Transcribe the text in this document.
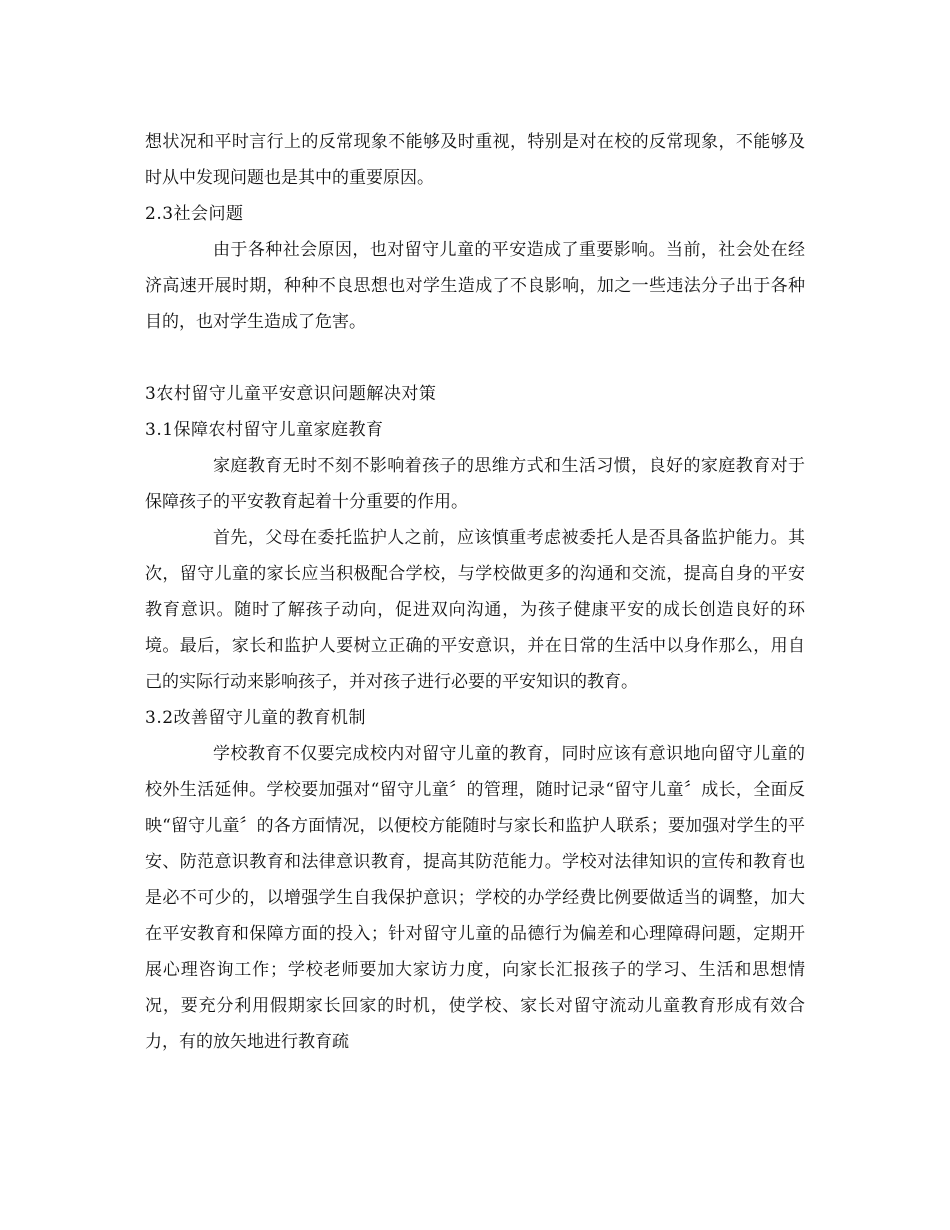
想状况和平时言行上的反常现象不能够及时重视，特别是对在校的反常现象，不能够及时从中发现问题也是其中的重要原因。

2.3社会问题

由于各种社会原因，也对留守儿童的平安造成了重要影响。当前，社会处在经济高速开展时期，种种不良思想也对学生造成了不良影响，加之一些违法分子出于各种目的，也对学生造成了危害。

3农村留守儿童平安意识问题解决对策

3.1保障农村留守儿童家庭教育

家庭教育无时不刻不影响着孩子的思维方式和生活习惯，良好的家庭教育对于保障孩子的平安教育起着十分重要的作用。

首先，父母在委托监护人之前，应该慎重考虑被委托人是否具备监护能力。其次，留守儿童的家长应当积极配合学校，与学校做更多的沟通和交流，提高自身的平安教育意识。随时了解孩子动向，促进双向沟通，为孩子健康平安的成长创造良好的环境。最后，家长和监护人要树立正确的平安意识，并在日常的生活中以身作那么，用自己的实际行动来影响孩子，并对孩子进行必要的平安知识的教育。

3.2改善留守儿童的教育机制

学校教育不仅要完成校内对留守儿童的教育，同时应该有意识地向留守儿童的校外生活延伸。学校要加强对“留守儿童〞的管理，随时记录“留守儿童〞成长，全面反映“留守儿童〞的各方面情况，以便校方能随时与家长和监护人联系；要加强对学生的平安、防范意识教育和法律意识教育，提高其防范能力。学校对法律知识的宣传和教育也是必不可少的，以增强学生自我保护意识；学校的办学经费比例要做适当的调整，加大在平安教育和保障方面的投入；针对留守儿童的品德行为偏差和心理障碍问题，定期开展心理咨询工作；学校老师要加大家访力度，向家长汇报孩子的学习、生活和思想情况，要充分利用假期家长回家的时机，使学校、家长对留守流动儿童教育形成有效合力，有的放矢地进行教育疏
